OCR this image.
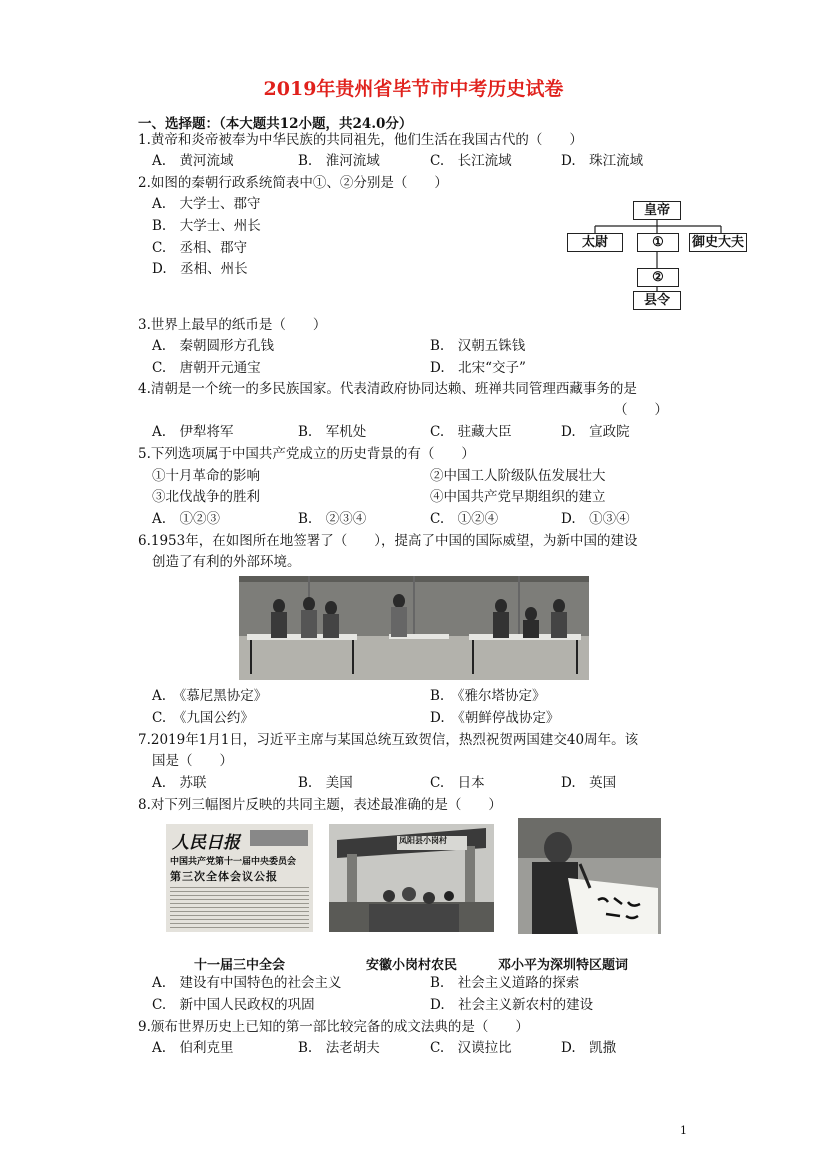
2019年贵州省毕节市中考历史试卷
一、选择题：（本大题共12小题，共24.0分）
1.黄帝和炎帝被奉为中华民族的共同祖先，他们生活在我国古代的（　　）
A.　黄河流域	B.　淮河流域	C.　长江流域	D.　珠江流域
2.如图的秦朝行政系统简表中①、②分别是（　　）
A.　大学士、郡守
B.　大学士、州长
C.　丞相、郡守
D.　丞相、州长
皇帝
太尉	①	御史大夫
②
县令
3.世界上最早的纸币是（　　）
A.　秦朝圆形方孔钱	B.　汉朝五铢钱
C.　唐朝开元通宝	D.　北宋“交子”
4.清朝是一个统一的多民族国家。代表清政府协同达赖、班禅共同管理西藏事务的是
（　　）
A.　伊犁将军	B.　军机处	C.　驻藏大臣	D.　宣政院
5.下列选项属于中国共产党成立的历史背景的有（　　）
①十月革命的影响	②中国工人阶级队伍发展壮大
③北伐战争的胜利	④中国共产党早期组织的建立
A.　①②③	B.　②③④	C.　①②④	D.　①③④
6.1953年，在如图所在地签署了（　　），提高了中国的国际威望，为新中国的建设
创造了有利的外部环境。
A.　《慕尼黑协定》	B.　《雅尔塔协定》
C.　《九国公约》	D.　《朝鲜停战协定》
7.2019年1月1日，习近平主席与某国总统互致贺信，热烈祝贺两国建交40周年。该
国是（　　）
A.　苏联	B.　美国	C.　日本	D.　英国
8.对下列三幅图片反映的共同主题，表述最准确的是（　　）
人民日报
中国共产党第十一届中央委员会
第三次全体会议公报
凤阳县小岗村
十一届三中全会	安徽小岗村农民	邓小平为深圳特区题词
A.　建设有中国特色的社会主义	B.　社会主义道路的探索
C.　新中国人民政权的巩固	D.　社会主义新农村的建设
9.颁布世界历史上已知的第一部比较完备的成文法典的是（　　）
A.　伯利克里	B.　法老胡夫	C.　汉谟拉比	D.　凯撒
1
